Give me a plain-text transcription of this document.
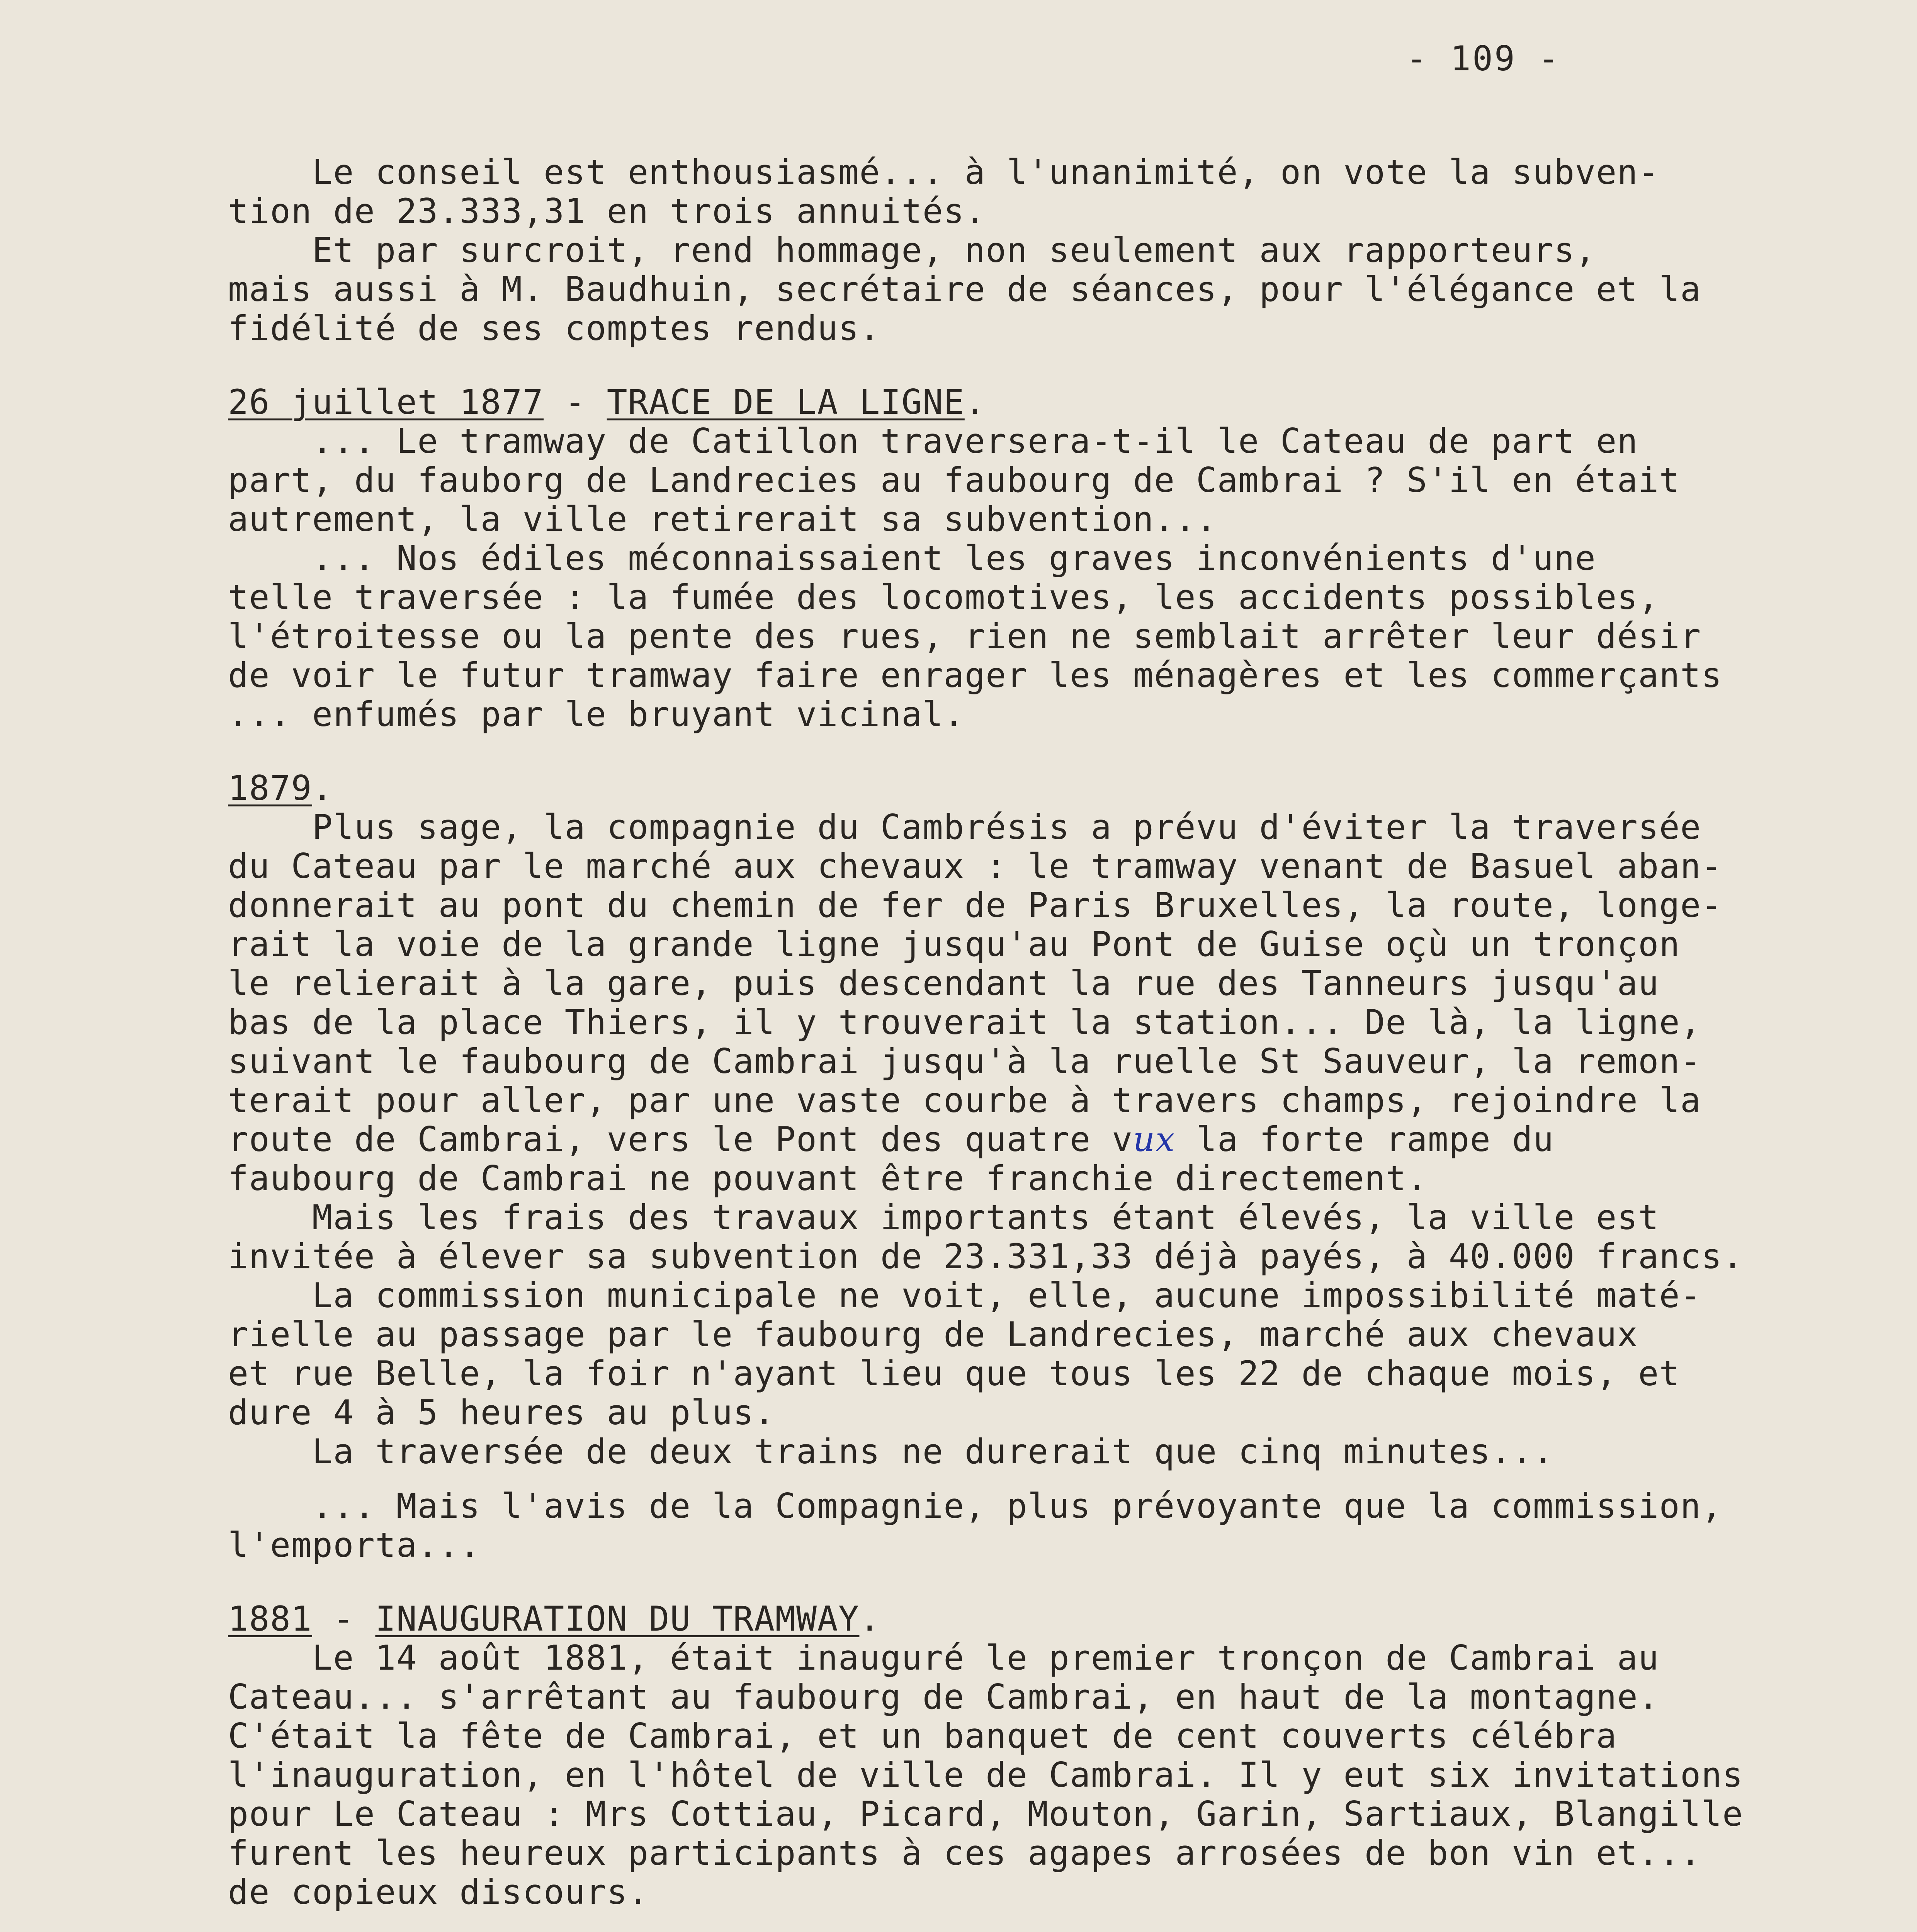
- 109 -
Le conseil est enthousiasmé... à l'unanimité, on vote la subven-
tion de 23.333,31 en trois annuités.
Et par surcroit, rend hommage, non seulement aux rapporteurs,
mais aussi à M. Baudhuin, secrétaire de séances, pour l'élégance et la
fidélité de ses comptes rendus.
26 juillet 1877 - TRACE DE LA LIGNE.
... Le tramway de Catillon traversera-t-il le Cateau de part en
part, du fauborg de Landrecies au faubourg de Cambrai ? S'il en était
autrement, la ville retirerait sa subvention...
... Nos édiles méconnaissaient les graves inconvénients d'une
telle traversée : la fumée des locomotives, les accidents possibles,
l'étroitesse ou la pente des rues, rien ne semblait arrêter leur désir
de voir le futur tramway faire enrager les ménagères et les commerçants
... enfumés par le bruyant vicinal.
1879.
Plus sage, la compagnie du Cambrésis a prévu d'éviter la traversée
du Cateau par le marché aux chevaux : le tramway venant de Basuel aban-
donnerait au pont du chemin de fer de Paris Bruxelles, la route, longe-
rait la voie de la grande ligne jusqu'au Pont de Guise oçù un tronçon
le relierait à la gare, puis descendant la rue des Tanneurs jusqu'au
bas de la place Thiers, il y trouverait la station... De là, la ligne,
suivant le faubourg de Cambrai jusqu'à la ruelle St Sauveur, la remon-
terait pour aller, par une vaste courbe à travers champs, rejoindre la
route de Cambrai, vers le Pont des quatre vux la forte rampe du
faubourg de Cambrai ne pouvant être franchie directement.
Mais les frais des travaux importants étant élevés, la ville est
invitée à élever sa subvention de 23.331,33 déjà payés, à 40.000 francs.
La commission municipale ne voit, elle, aucune impossibilité maté-
rielle au passage par le faubourg de Landrecies, marché aux chevaux
et rue Belle, la foir n'ayant lieu que tous les 22 de chaque mois, et
dure 4 à 5 heures au plus.
La traversée de deux trains ne durerait que cinq minutes...
... Mais l'avis de la Compagnie, plus prévoyante que la commission,
l'emporta...
1881 - INAUGURATION DU TRAMWAY.
Le 14 août 1881, était inauguré le premier tronçon de Cambrai au
Cateau... s'arrêtant au faubourg de Cambrai, en haut de la montagne.
C'était la fête de Cambrai, et un banquet de cent couverts célébra
l'inauguration, en l'hôtel de ville de Cambrai. Il y eut six invitations
pour Le Cateau : Mrs Cottiau, Picard, Mouton, Garin, Sartiaux, Blangille
furent les heureux participants à ces agapes arrosées de bon vin et...
de copieux discours.
